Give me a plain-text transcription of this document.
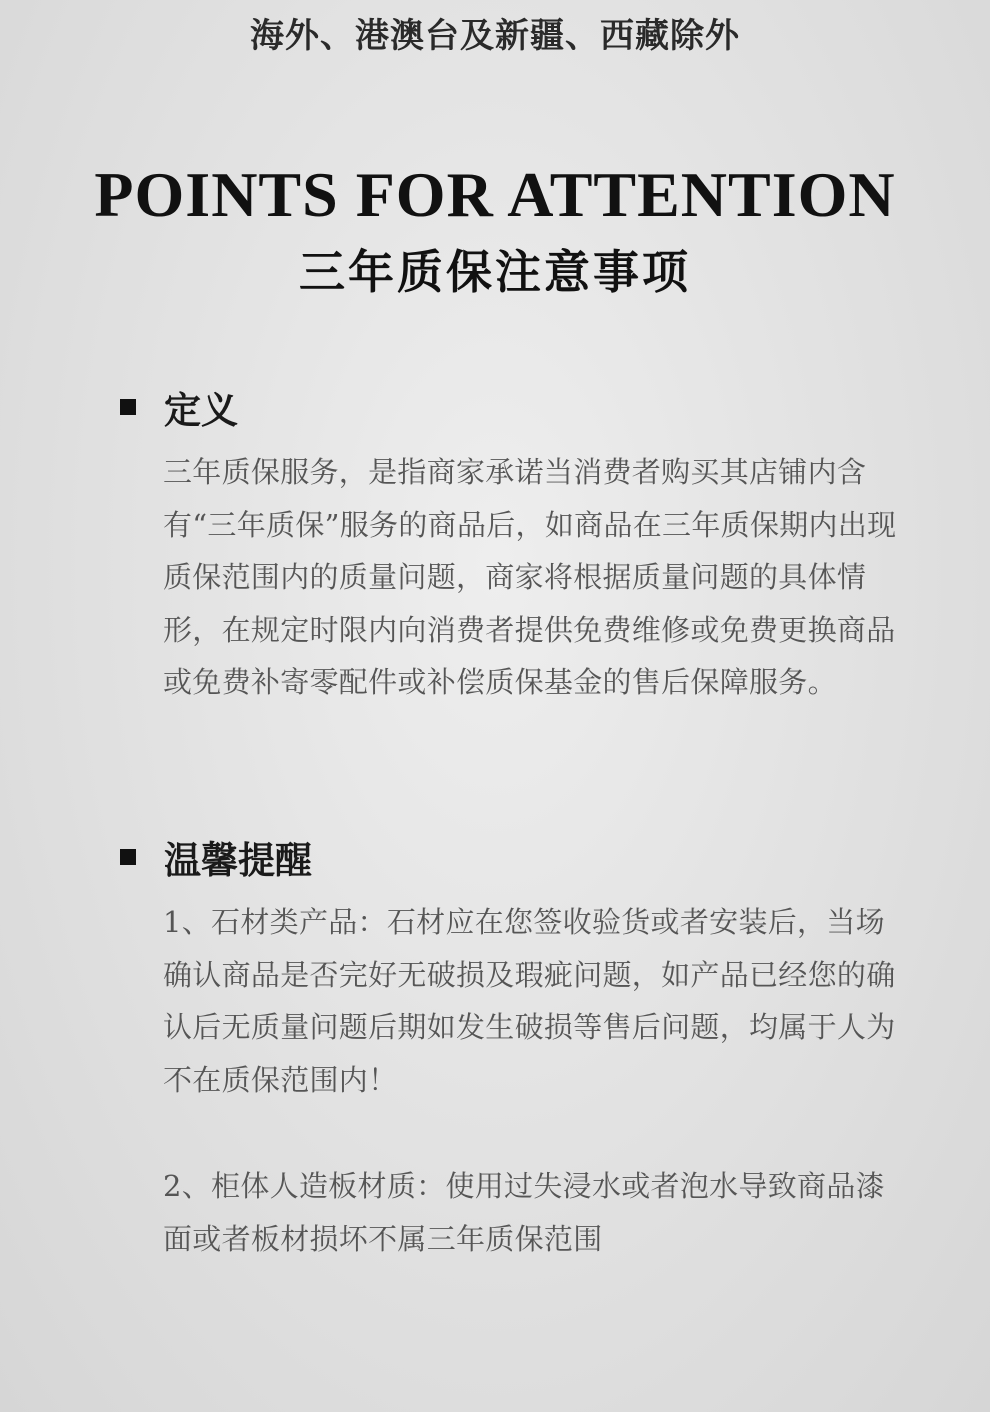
海外、港澳台及新疆、西藏除外
POINTS FOR ATTENTION
三年质保注意事项
定义
三年质保服务，是指商家承诺当消费者购买其店铺内含有“三年质保”服务的商品后，如商品在三年质保期内出现质保范围内的质量问题，商家将根据质量问题的具体情形，在规定时限内向消费者提供免费维修或免费更换商品或免费补寄零配件或补偿质保基金的售后保障服务。
温馨提醒
1、石材类产品：石材应在您签收验货或者安装后，当场确认商品是否完好无破损及瑕疵问题，如产品已经您的确认后无质量问题后期如发生破损等售后问题，均属于人为不在质保范围内！
2、柜体人造板材质：使用过失浸水或者泡水导致商品漆面或者板材损坏不属三年质保范围
